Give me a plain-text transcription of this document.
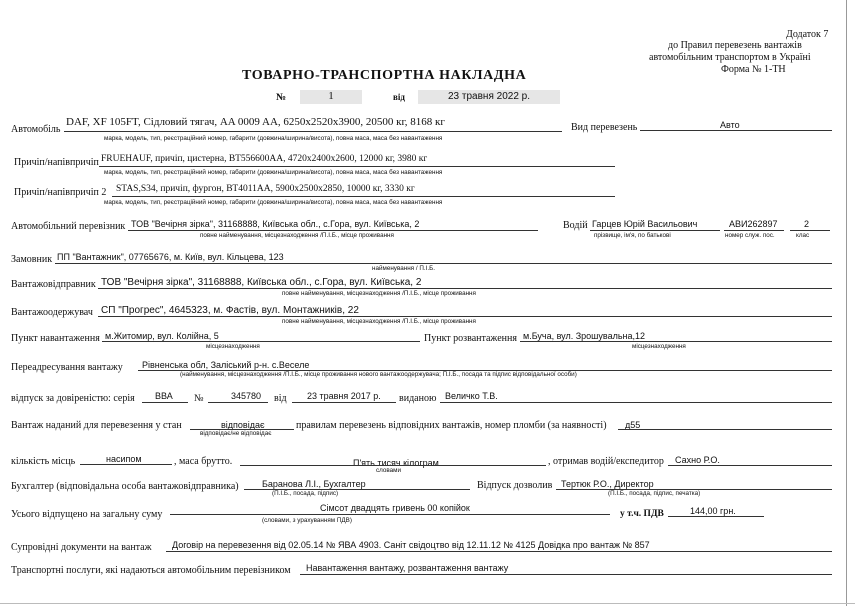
Додаток 7
до Правил перевезень вантажів
автомобільним транспортом в Україні
Форма № 1-ТН
ТОВАРНО-ТРАНСПОРТНА НАКЛАДНА
№	1	від	23 травня 2022 р.
Автомобіль
DAF, XF 105FT, Сідловий тягач, AA 0009 AA, 6250x2520x3900, 20500 кг, 8168 кг
марка, модель, тип, реєстраційний номер, габарити (довжина/ширина/висота), повна маса, маса без навантаження
Вид перевезень	Авто
Причіп/напівпричіп FRUEHAUF, причіп, цистерна, ВТ556600АА, 4720x2400x2600, 12000 кг, 3980 кг
марка, модель, тип, реєстраційний номер, габарити (довжина/ширина/висота), повна маса, маса без навантаження
Причіп/напівпричіп 2 STAS,S34, причіп, фургон, ВТ4011АА, 5900x2500x2850, 10000 кг, 3330 кг
марка, модель, тип, реєстраційний номер, габарити (довжина/ширина/висота), повна маса, маса без навантаження
Автомобільний перевізник ТОВ "Вечірня зірка", 31168888, Київська обл., с.Гора, вул. Київська, 2
повне найменування, місцезнаходження /П.І.Б., місце проживання
Водій Гарцев Юрій Васильович
прізвище, ім'я, по батькові
АВИ262897
номер служ. пос.
2
клас
Замовник ПП "Вантажник", 07765676, м. Київ, вул. Кільцева, 123
найменування / П.І.Б.
Вантажовідправник ТОВ "Вечірня зірка", 31168888, Київська обл., с.Гора, вул. Київська, 2
повне найменування, місцезнаходження /П.І.Б., місце проживання
Вантажоодержувач СП "Прогрес", 4645323, м. Фастів, вул. Монтажників, 22
повне найменування, місцезнаходження /П.І.Б., місце проживання
Пункт навантаження м.Житомир, вул. Колійна, 5
місцезнаходження
Пункт розвантаження м.Буча, вул. Зрошувальна,12
місцезнаходження
Переадресування вантажу Рівненська обл, Заліський р-н. с.Веселе
(найменування, місцезнаходження /П.І.Б., місце проживання нового вантажоодержувача; П.І.Б., посада та підпис відповідальної особи)
відпуск за довіреністю: серія ВВА №	345780 від 23 травня 2017 р. виданою Величко Т.В.
Вантаж наданий для перевезення у стан	відповідає
відповідає/не відповідає
правилам перевезень відповідних вантажів, номер пломби (за наявності) д55
кількість місць	насипом	, маса брутто.	П'ять тисяч кілограм
словами
, отримав водій/експедитор Сахно Р.О.
Бухгалтер (відповідальна особа вантажовідправника)	Баранова Л.І., Бухгалтер
(П.І.Б., посада, підпис)
Відпуск дозволив Тертюк Р.О., Директор
(П.І.Б., посада, підпис, печатка)
Усього відпущено на загальну суму
Сімсот двадцять гривень 00 копійок
(словами, з урахуванням ПДВ)
у т.ч. ПДВ	144,00 грн.
Супровідні документи на вантаж Договір на перевезення від 02.05.14 № ЯВА 4903. Саніт свідоцтво від 12.11.12 № 4125 Довідка про вантаж № 857
Транспортні послуги, які надаються автомобільним перевізником Навантаження вантажу, розвантаження вантажу
